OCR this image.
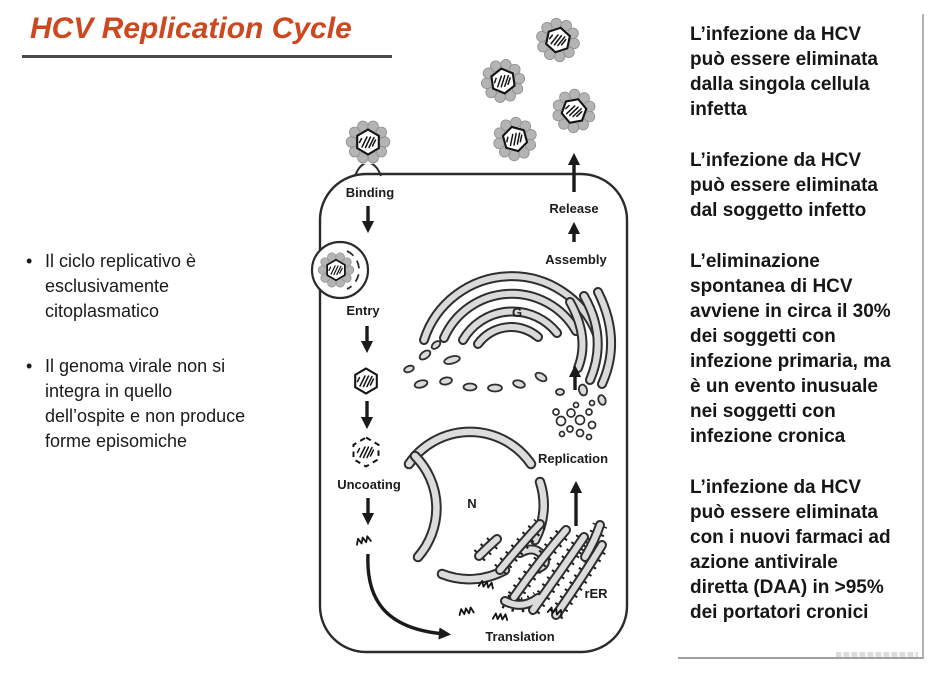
Binding
Entry
Uncoating
Release
Assembly
Replication
Translation
rER
G
N
HCV Replication Cycle
• Il ciclo replicativo è
esclusivamente
citoplasmatico
• Il genoma virale non si
integra in quello
dell’ospite e non produce
forme episomiche
L’infezione da HCV
può essere eliminata
dalla singola cellula
infetta
L’infezione da HCV
può essere eliminata
dal soggetto infetto
L’eliminazione
spontanea di HCV
avviene in circa il 30%
dei soggetti con
infezione primaria, ma
è un evento inusuale
nei soggetti con
infezione cronica
L’infezione da HCV
può essere eliminata
con i nuovi farmaci ad
azione antivirale
diretta (DAA) in >95%
dei portatori cronici
